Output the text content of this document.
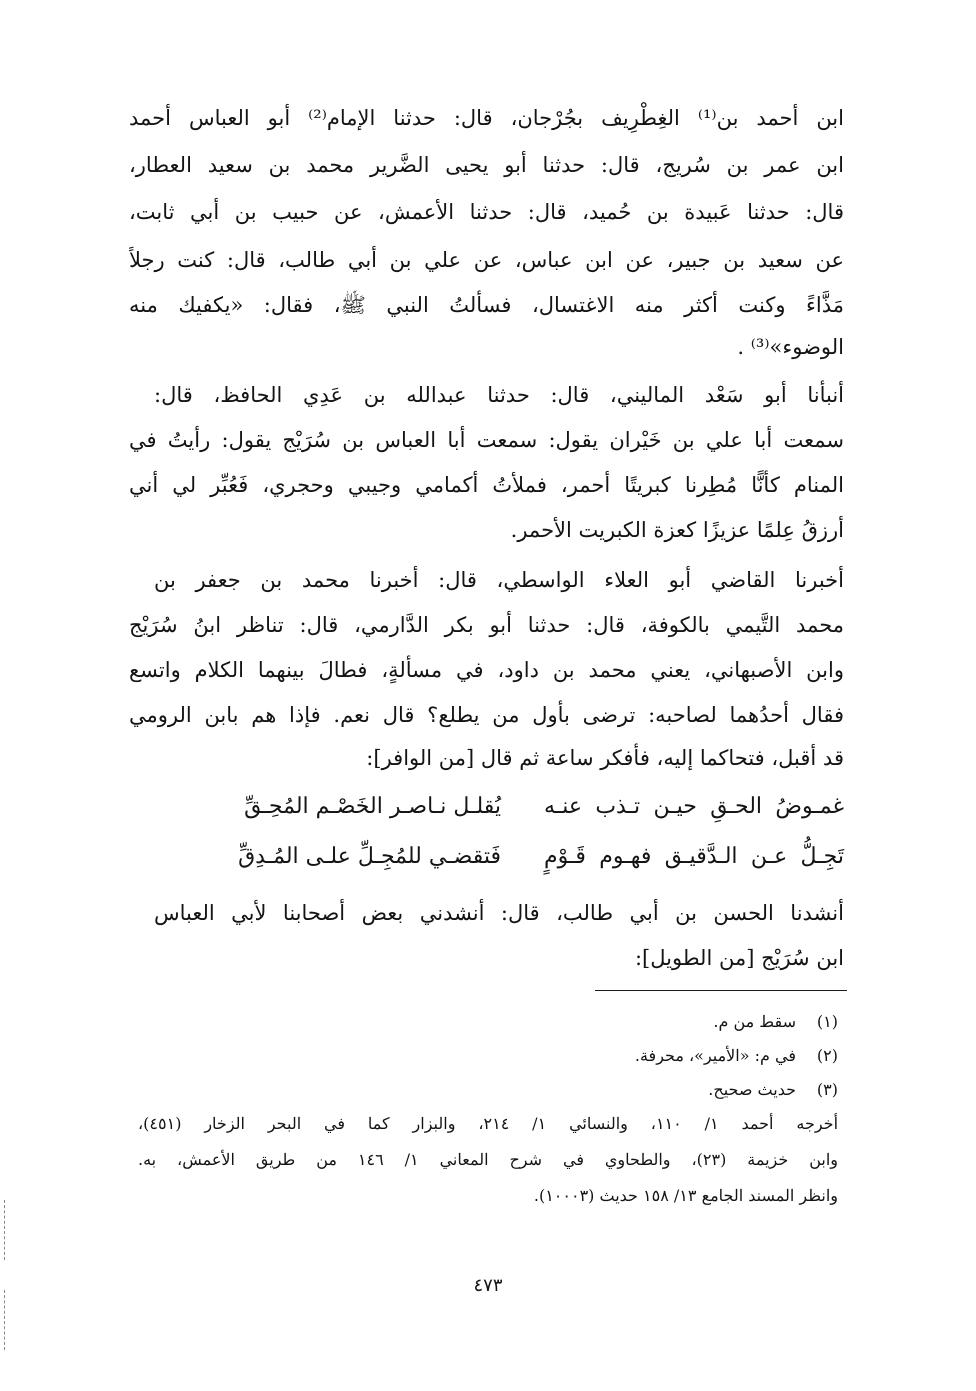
ابن أحمد بن⁽¹⁾ الغِطْرِيف بجُرْجان، قال: حدثنا الإمام⁽²⁾ أبو العباس أحمد
ابن عمر بن سُريج، قال: حدثنا أبو يحيى الضَّرير محمد بن سعيد العطار،
قال: حدثنا عَبيدة بن حُميد، قال: حدثنا الأعمش، عن حبيب بن أبي ثابت،
عن سعيد بن جبير، عن ابن عباس، عن علي بن أبي طالب، قال: كنت رجلاً
مَذَّاءً وكنت أكثر منه الاغتسال، فسألتُ النبي ﷺ، فقال: «يكفيك منه
الوضوء»⁽³⁾ .
أنبأنا أبو سَعْد الماليني، قال: حدثنا عبدالله بن عَدِي الحافظ، قال:
سمعت أبا علي بن خَيْران يقول: سمعت أبا العباس بن سُرَيْج يقول: رأيتُ في
المنام كأنًّا مُطِرنا كبريتًا أحمر، فملأتُ أكمامي وجيبي وحجري، فَعُبِّر لي أني
أرزقُ عِلمًا عزيزًا كعزة الكبريت الأحمر.
أخبرنا القاضي أبو العلاء الواسطي، قال: أخبرنا محمد بن جعفر بن
محمد التَّيمي بالكوفة، قال: حدثنا أبو بكر الدَّارمي، قال: تناظر ابنُ سُرَيْج
وابن الأصبهاني، يعني محمد بن داود، في مسألةٍ، فطالَ بينهما الكلام واتسع
فقال أحدُهما لصاحبه: ترضى بأول من يطلع؟ قال نعم. فإذا هم بابن الرومي
قد أقبل، فتحاكما إليه، فأفكر ساعة ثم قال [من الوافر]:
غمـوضُ الحـقِ حيـن تـذب عنـه
يُقلـل نـاصـر الخَصْـم المُحِـقِّ
تَجِـلُّ عـن الـدَّقيـق فهـوم قَـوْمٍ
فَتقضـي للمُجِـلِّ علـى المُـدِقِّ
أنشدنا الحسن بن أبي طالب، قال: أنشدني بعض أصحابنا لأبي العباس
ابن سُرَيْج [من الطويل]:
(١)
سقط من م.
(٢)
في م: «الأمير»، محرفة.
(٣)
حديث صحيح.
أخرجه أحمد ١/ ١١٠، والنسائي ١/ ٢١٤، والبزار كما في البحر الزخار (٤٥١)،
وابن خزيمة (٢٣)، والطحاوي في شرح المعاني ١/ ١٤٦ من طريق الأعمش، به.
وانظر المسند الجامع ١٣/ ١٥٨ حديث (١٠٠٠٣).
٤٧٣
